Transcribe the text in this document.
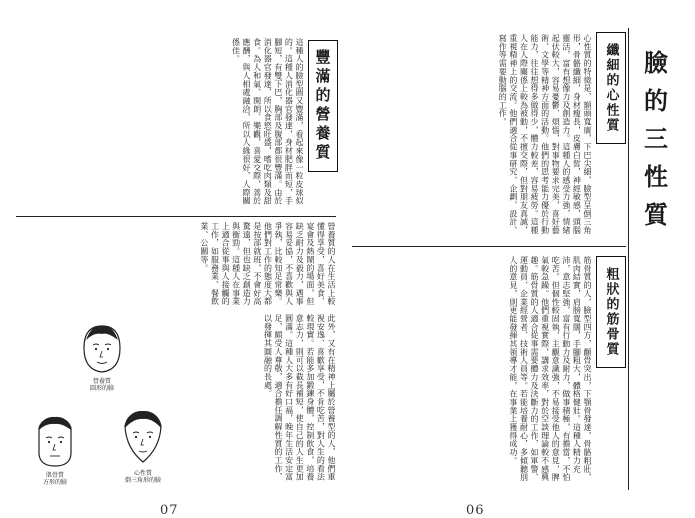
豐滿的營養質
這種人的臉型圓又豐滿，看起來像一粒皮球似的。這種人消化器官發達，身材肥胖而短，手腳短，有雙下巴，胸部及腹部都很豐滿。由於消化器官發達，所以食慾旺盛，嗜吃肉類及甜食。為人和氣、開朗、樂觀，喜愛交際，善於應酬，與人相處融洽，所以人緣很好，人際關係佳。
營養質的人在生活上較懂得享受，喜好美食、宴會及熱鬧的場面，但缺乏耐力及毅力，遇事容易妥協，不喜歡與人爭執，比較知足常樂。他們對工作的態度大都是按部就班，不會好高騖遠，但也缺乏創造力與衝勁。這種人在事業上適合從事與人接觸的工作，如服務業、餐飲業、公關等。
此外，又有在精神上屬於營養型的人，他們重視安逸、喜歡享受，不肯吃苦，對人生的看法較現實。若能多加鍛鍊身體，控制飲食，培養意志力，則可以截長補短，使自己的人生更加圓滿。這種人大多有好口福，晚年生活安定富足，頗受人尊敬，適合擔任調解性質的工作，以發揮其圓融的長處。
營養質
圓形的臉
肌骨質
方形的臉
心性質
倒三角形的臉
07
臉的三性質
纖細的心性質
心性質的特徵是，額頭寬廣，下巴尖細，臉型呈倒三角形，骨骼纖細，身材瘦長，皮膚白皙，神經敏感，頭腦靈活，富有想像力及創造力。這種人的感受力強，情緒起伏較大，容易憂鬱、煩惱，對事物要求完美，喜好藝術、文學等精神方面的活動。他們的思考能力優於行動能力，往往想得多做得少，體力較差，容易疲勞。這種人在人際關係上較為被動，不擅交際，但對朋友真誠，重視精神上的交流。他們適合從事研究、企劃、設計、寫作等需要動腦的工作。
粗狀的筋骨質
筋骨質的人，臉型四方，顴骨突出，下顎骨發達，骨骼粗壯，肌肉結實，肩膀寬闊，手腳粗大，體格健壯。這種人精力充沛，意志堅強，富有行動力及耐力，做事積極，有擔當，不怕吃苦。但個性較固執，主觀意識強，不易接受他人的意見，脾氣較急躁。他們重視實際，講求效率，對於空談理論較不感興趣。筋骨質的人適合從事需要體力及決斷力的工作，如軍警、運動員、企業經營者、技術人員等。若能培養耐心，多傾聽別人的意見，則更能發揮其領導才能，在事業上獲得成功。
06
